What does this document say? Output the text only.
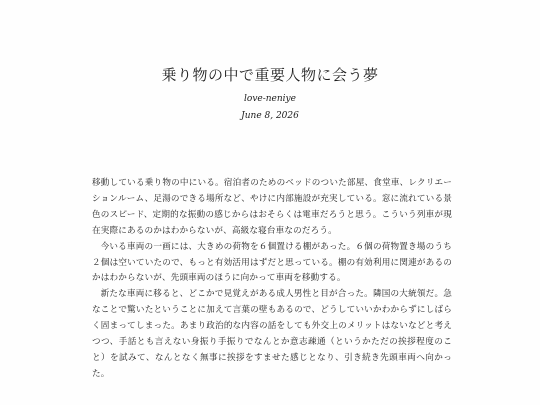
乗り物の中で重要人物に会う夢
love-neniye
June 8, 2026

移動している乗り物の中にいる。宿泊者のためのベッドのついた部屋、食堂車、レクリエーションルーム、足湯のできる場所など、やけに内部施設が充実している。窓に流れている景色のスピード、定期的な振動の感じからはおそらくは電車だろうと思う。こういう列車が現在実際にあるのかはわからないが、高級な寝台車なのだろう。

今いる車両の一画には、大きめの荷物を６個置ける棚があった。６個の荷物置き場のうち２個は空いていたので、もっと有効活用はずだと思っている。棚の有効利用に関連があるのかはわからないが、先頭車両のほうに向かって車両を移動する。

新たな車両に移ると、どこかで見覚えがある成人男性と目が合った。隣国の大統領だ。急なことで驚いたということに加えて言葉の壁もあるので、どうしていいかわからずにしばらく固まってしまった。あまり政治的な内容の話をしても外交上のメリットはないなどと考えつつ、手話とも言えない身振り手振りでなんとか意志疎通（というかただの挨拶程度のこと）を試みて、なんとなく無事に挨拶をすませた感じとなり、引き続き先頭車両へ向かった。
